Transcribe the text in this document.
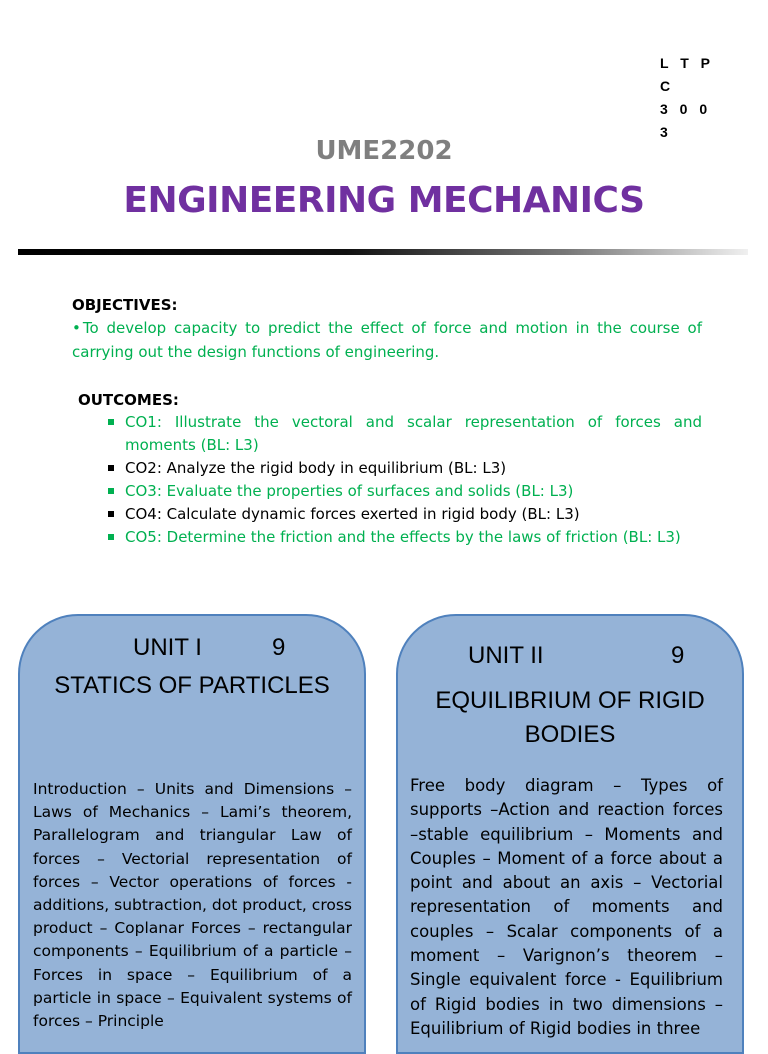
L T P C
3 0 0 3
UME2202
ENGINEERING MECHANICS
OBJECTIVES:
• To develop capacity to predict the effect of force and motion in the course of carrying out the design functions of engineering.
OUTCOMES:
CO1: Illustrate the vectoral and scalar representation of forces and moments (BL: L3)
CO2: Analyze the rigid body in equilibrium (BL: L3)
CO3: Evaluate the properties of surfaces and solids (BL: L3)
CO4: Calculate dynamic forces exerted in rigid body (BL: L3)
CO5: Determine the friction and the effects by the laws of friction (BL: L3)
UNIT I	9
STATICS OF PARTICLES
Introduction – Units and Dimensions – Laws of Mechanics – Lami’s theorem, Parallelogram and triangular Law of forces – Vectorial representation of forces – Vector operations of forces - additions, subtraction, dot product, cross product – Coplanar Forces – rectangular components – Equilibrium of a particle – Forces in space – Equilibrium of a particle in space – Equivalent systems of forces – Principle
UNIT II	9
EQUILIBRIUM OF RIGID BODIES
Free body diagram – Types of supports –Action and reaction forces –stable equilibrium – Moments and Couples – Moment of a force about a point and about an axis – Vectorial representation of moments and couples – Scalar components of a moment – Varignon’s theorem – Single equivalent force - Equilibrium of Rigid bodies in two dimensions – Equilibrium of Rigid bodies in three
